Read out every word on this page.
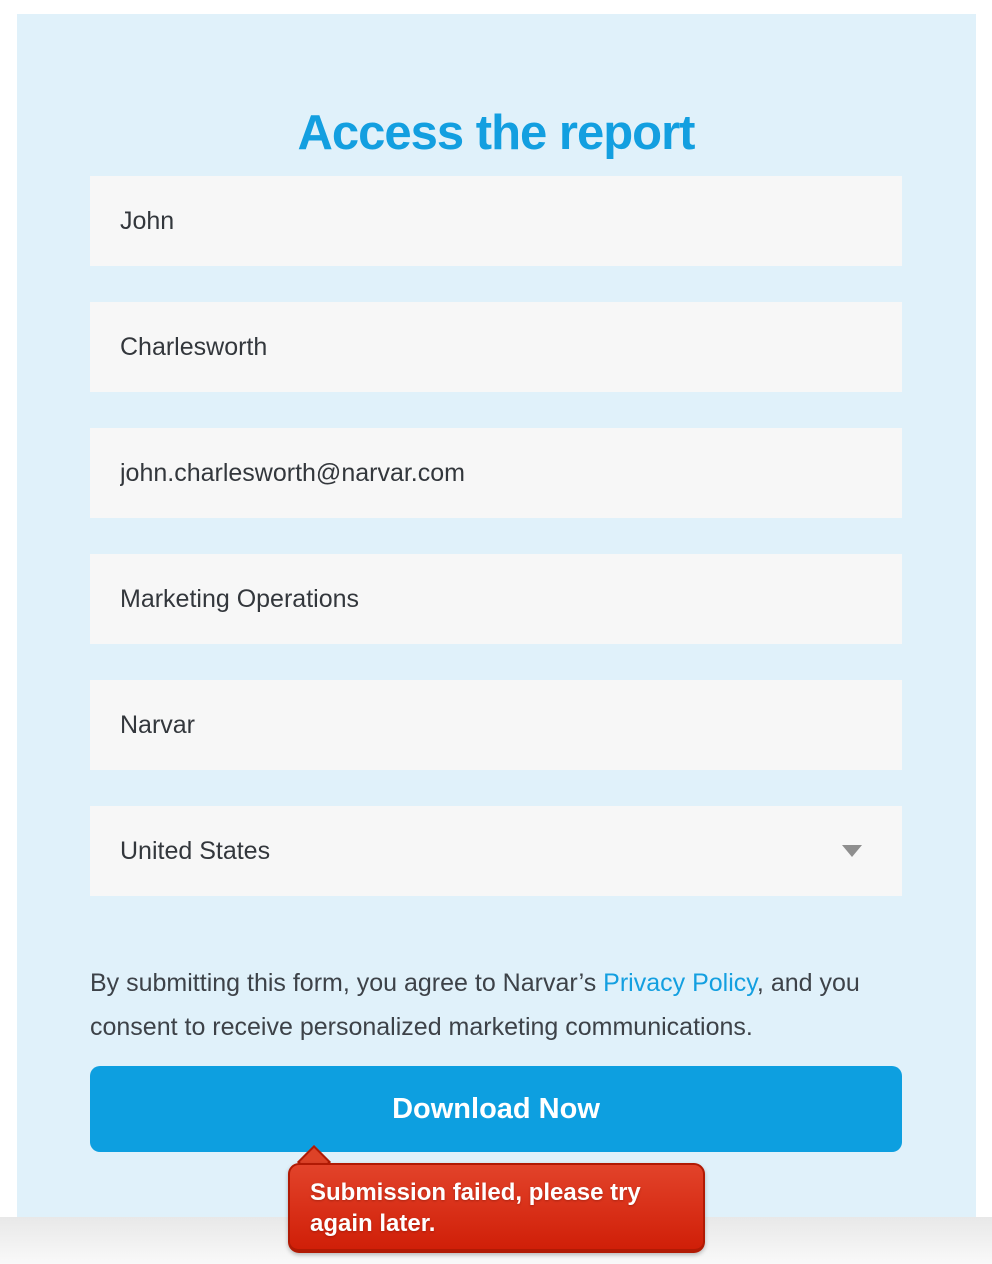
Access the report
John
Charlesworth
john.charlesworth@narvar.com
Marketing Operations
Narvar
United States

By submitting this form, you agree to Narvar’s Privacy Policy, and you consent to receive personalized marketing communications.

Download Now
Submission failed, please try again later.
